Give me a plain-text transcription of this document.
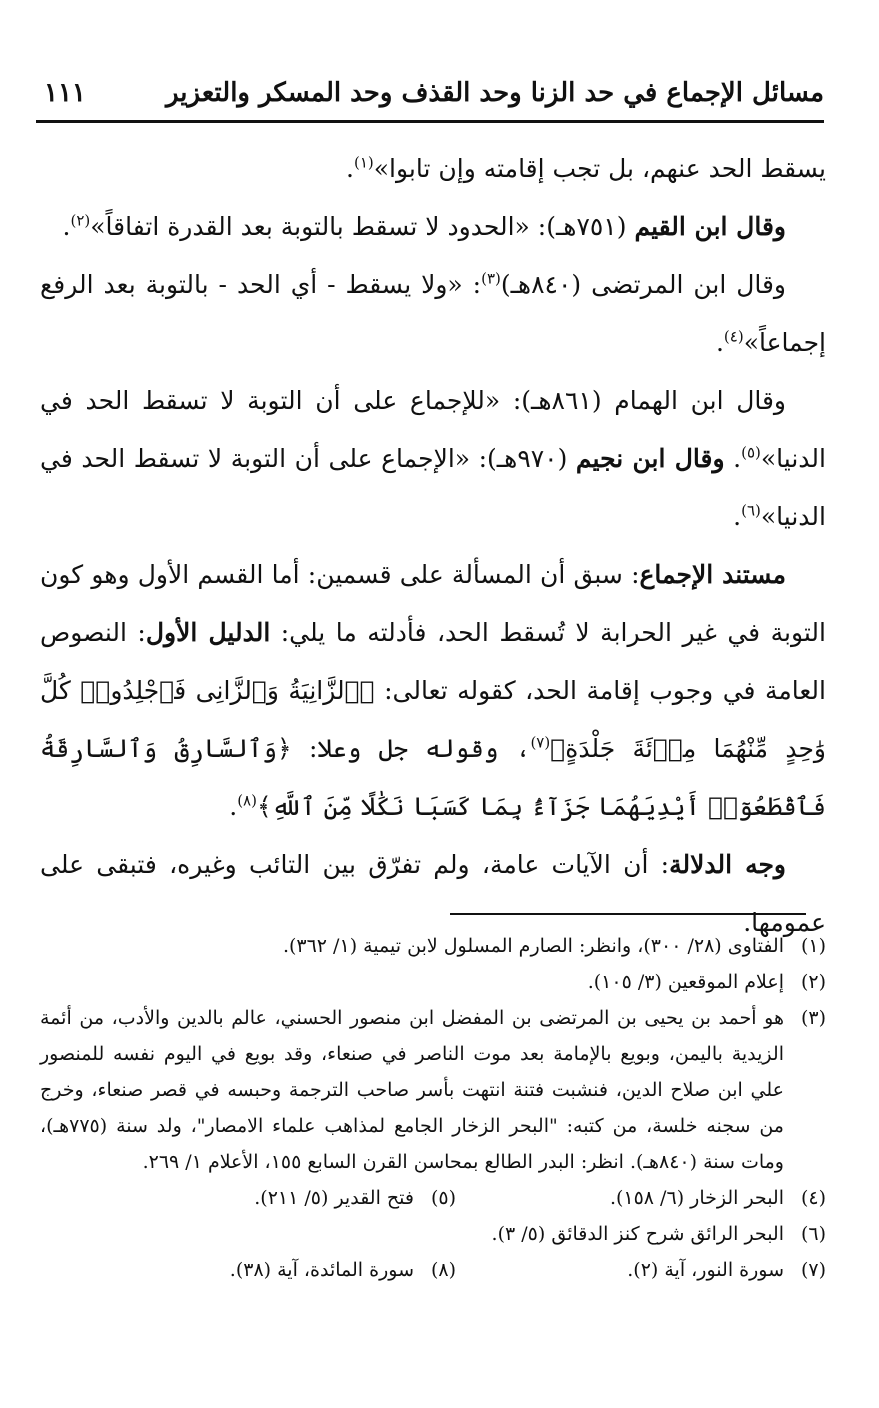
مسائل الإجماع في حد الزنا وحد القذف وحد المسكر والتعزير
١١١

يسقط الحد عنهم، بل تجب إقامته وإن تابوا»$^{(١)}$.

وقال ابن القيم (٧٥١هـ): «الحدود لا تسقط بالتوبة بعد القدرة اتفاقاً»$^{(٢)}$.

وقال ابن المرتضى (٨٤٠هـ)$^{(٣)}$: «ولا يسقط - أي الحد - بالتوبة بعد الرفع إجماعاً»$^{(٤)}$.

وقال ابن الهمام (٨٦١هـ): «للإجماع على أن التوبة لا تسقط الحد في الدنيا»$^{(٥)}$. وقال ابن نجيم (٩٧٠هـ): «الإجماع على أن التوبة لا تسقط الحد في الدنيا»$^{(٦)}$.

مستند الإجماع: سبق أن المسألة على قسمين: أما القسم الأول وهو كون التوبة في غير الحرابة لا تُسقط الحد، فأدلته ما يلي: الدليل الأول: النصوص العامة في وجوب إقامة الحد، كقوله تعالى: ﴿ٱلزَّانِيَةُ وَٱلزَّانِى فَٱجْلِدُوا۟ كُلَّ وَٰحِدٍ مِّنْهُمَا مِا۟ئَةَ جَلْدَةٍ﴾$^{(٧)}$، وقوله جل وعلا: ﴿وَٱلسَّارِقُ وَٱلسَّارِقَةُ فَٱقْطَعُوٓا۟ أَيْدِيَهُمَا جَزَآءًۢ بِمَا كَسَبَا نَكَٰلًا مِّنَ ٱللَّهِ﴾$^{(٨)}$.

وجه الدلالة: أن الآيات عامة، ولم تفرّق بين التائب وغيره، فتبقى على عمومها.

(١)
الفتاوى (٢٨/ ٣٠٠)، وانظر: الصارم المسلول لابن تيمية (١/ ٣٦٢).
(٢)
إعلام الموقعين (٣/ ١٠٥).
(٣)
هو أحمد بن يحيى بن المرتضى بن المفضل ابن منصور الحسني، عالم بالدين والأدب، من أئمة الزيدية باليمن، وبويع بالإمامة بعد موت الناصر في صنعاء، وقد بويع في اليوم نفسه للمنصور علي ابن صلاح الدين، فنشبت فتنة انتهت بأسر صاحب الترجمة وحبسه في قصر صنعاء، وخرج من سجنه خلسة، من كتبه: "البحر الزخار الجامع لمذاهب علماء الامصار"، ولد سنة (٧٧٥هـ)، ومات سنة (٨٤٠هـ). انظر: البدر الطالع بمحاسن القرن السابع ١٥٥، الأعلام ١/ ٢٦٩.
(٤)
البحر الزخار (٦/ ١٥٨).
(٥)
فتح القدير (٥/ ٢١١).
(٦)
البحر الرائق شرح كنز الدقائق (٥/ ٣).
(٧)
سورة النور، آية (٢).
(٨)
سورة المائدة، آية (٣٨).
